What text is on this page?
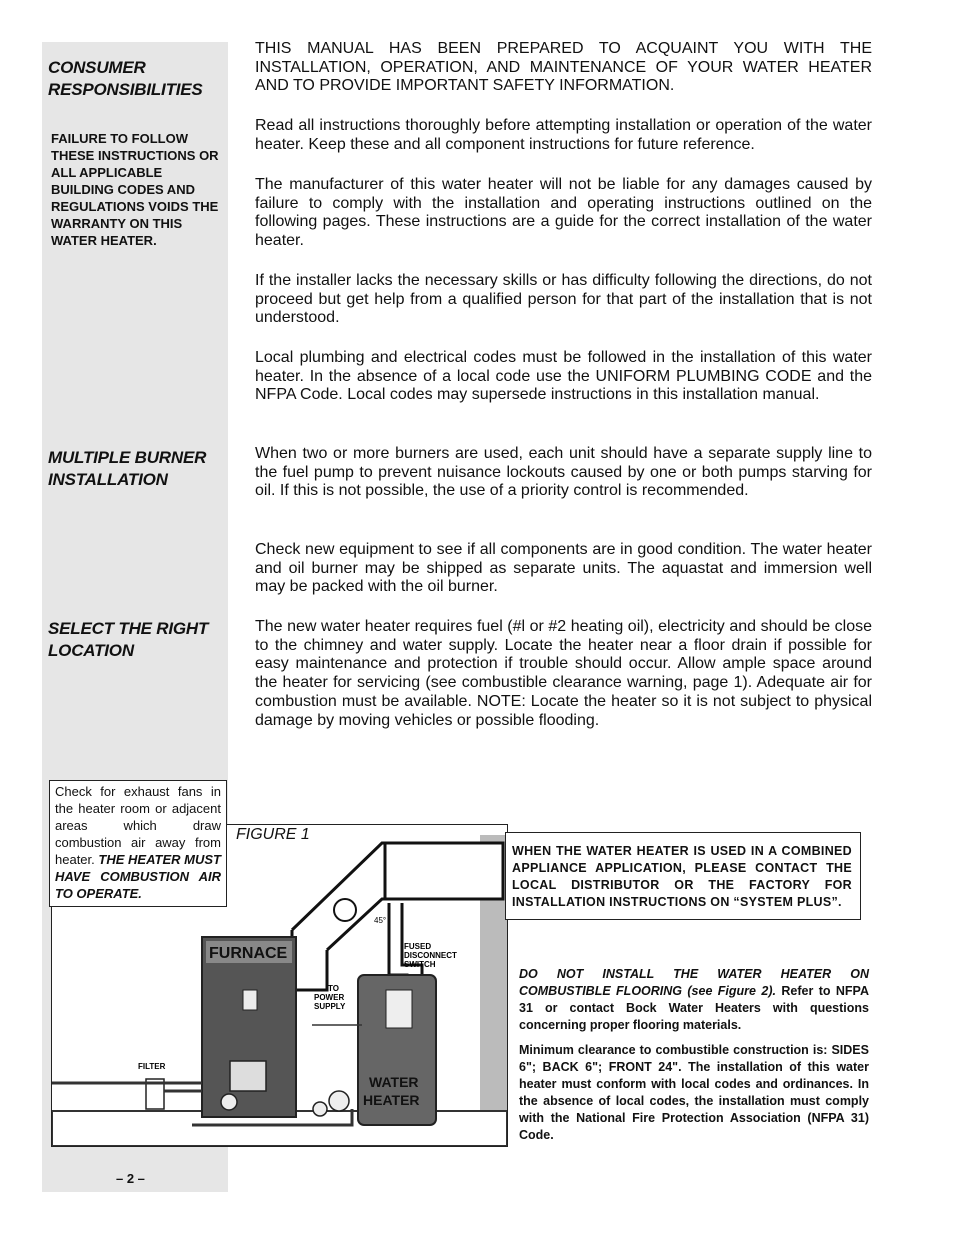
CONSUMER RESPONSIBILITIES
FAILURE TO FOLLOW THESE INSTRUCTIONS OR ALL APPLICABLE BUILDING CODES AND REGULATIONS VOIDS THE WARRANTY ON THIS WATER HEATER.
MULTIPLE BURNER INSTALLATION
SELECT THE RIGHT LOCATION
THIS MANUAL HAS BEEN PREPARED TO ACQUAINT YOU WITH THE INSTALLATION, OPERATION, AND MAINTENANCE OF YOUR WATER HEATER AND TO PROVIDE IMPORTANT SAFETY INFORMATION.
Read all instructions thoroughly before attempting installation or operation of the water heater. Keep these and all component instructions for future reference.
The manufacturer of this water heater will not be liable for any damages caused by failure to comply with the installation and operating instructions outlined on the following pages. These instructions are a guide for the correct installation of the water heater.
If the installer lacks the necessary skills or has difficulty following the directions, do not proceed but get help from a qualified person for that part of the installation that is not understood.
Local plumbing and electrical codes must be followed in the installation of this water heater. In the absence of a local code use the UNIFORM PLUMBING CODE and the NFPA Code. Local codes may supersede instructions in this installation manual.
When two or more burners are used, each unit should have a separate supply line to the fuel pump to prevent nuisance lockouts caused by one or both pumps starving for oil. If this is not possible, the use of a priority control is recommended.
Check new equipment to see if all components are in good condition. The water heater and oil burner may be shipped as separate units. The aquastat and immersion well may be packed with the oil burner.
The new water heater requires fuel (#l or #2 heating oil), electricity and should be close to the chimney and water supply. Locate the heater near a floor drain if possible for easy maintenance and protection if trouble should occur. Allow ample space around the heater for servicing (see combustible clearance warning, page 1). Adequate air for combustion must be available. NOTE: Locate the heater so it is not subject to physical damage by moving vehicles or possible flooding.
45°
FURNACE
WATER
HEATER
FUSED
DISCONNECT
SWITCH
TO
POWER
SUPPLY
FILTER
FIGURE 1
Check for exhaust fans in the heater room or adjacent areas which draw combustion air away from heater. THE HEATER MUST HAVE COMBUSTION AIR TO OPERATE.
WHEN THE WATER HEATER IS USED IN A COMBINED APPLIANCE APPLICATION, PLEASE CONTACT THE LOCAL DISTRIBUTOR OR THE FACTORY FOR INSTALLATION INSTRUCTIONS ON “SYSTEM PLUS”.
DO NOT INSTALL THE WATER HEATER ON COMBUSTIBLE FLOORING (see Figure 2). Refer to NFPA 31 or contact Bock Water Heaters with questions concerning proper flooring materials.
Minimum clearance to combustible construction is: SIDES 6"; BACK 6"; FRONT 24". The installation of this water heater must conform with local codes and ordinances. In the absence of local codes, the installation must comply with the National Fire Protection Association (NFPA 31) Code.
– 2 –
